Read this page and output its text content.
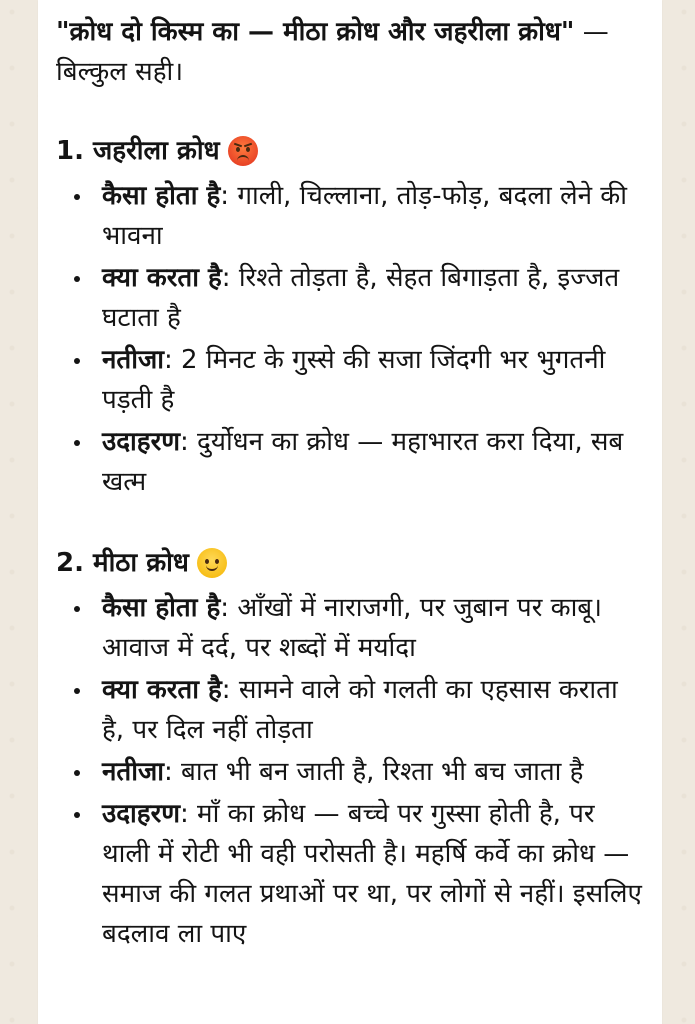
"क्रोध दो किस्म का — मीठा क्रोध और जहरीला क्रोध" — बिल्कुल सही।

1. जहरीला क्रोध
कैसा होता है: गाली, चिल्लाना, तोड़-फोड़, बदला लेने की भावना
क्या करता है: रिश्ते तोड़ता है, सेहत बिगाड़ता है, इज्जत घटाता है
नतीजा: 2 मिनट के गुस्से की सजा जिंदगी भर भुगतनी पड़ती है
उदाहरण: दुर्योधन का क्रोध — महाभारत करा दिया, सब खत्म
2. मीठा क्रोध
कैसा होता है: आँखों में नाराजगी, पर जुबान पर काबू। आवाज में दर्द, पर शब्दों में मर्यादा
क्या करता है: सामने वाले को गलती का एहसास कराता है, पर दिल नहीं तोड़ता
नतीजा: बात भी बन जाती है, रिश्ता भी बच जाता है
उदाहरण: माँ का क्रोध — बच्चे पर गुस्सा होती है, पर थाली में रोटी भी वही परोसती है। महर्षि कर्वे का क्रोध — समाज की गलत प्रथाओं पर था, पर लोगों से नहीं। इसलिए बदलाव ला पाए
